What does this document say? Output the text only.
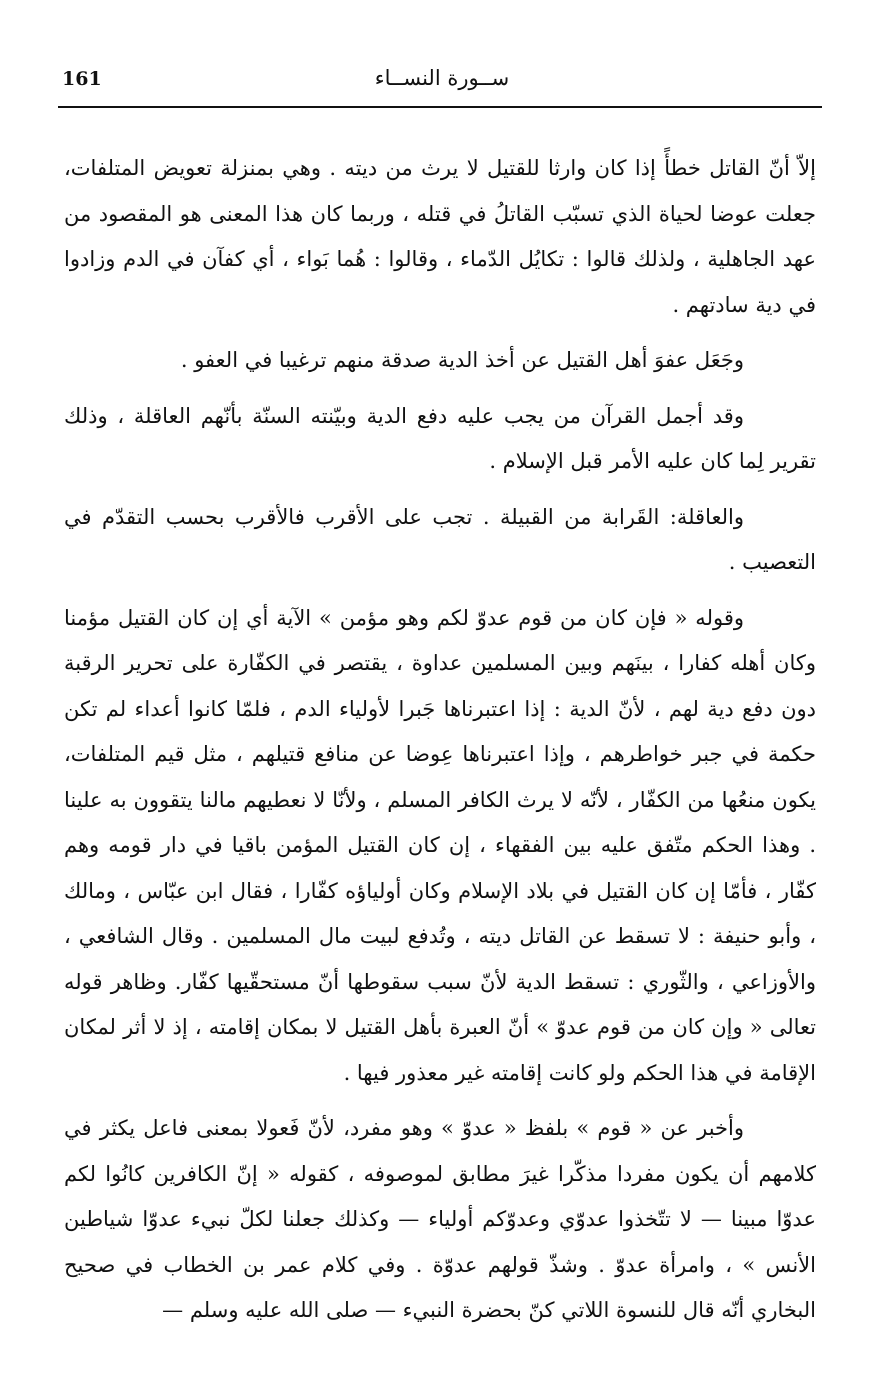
161	ســورة النســاء

إلاّ أنّ القاتل خطأً إذا كان وارثا للقتيل لا يرث من ديته . وهي بمنزلة تعويض المتلفات، جعلت عوضا لحياة الذي تسبّب القاتلُ في قتله ، وربما كان هذا المعنى هو المقصود من عهد الجاهلية ، ولذلك قالوا : تكايُل الدّماء ، وقالوا : هُما بَواء ، أي كفآن في الدم وزادوا في دية سادتهم .

وجَعَل عفوَ أهل القتيل عن أخذ الدية صدقة منهم ترغيبا في العفو .

وقد أجمل القرآن من يجب عليه دفع الدية وبيّنته السنّة بأنّهم العاقلة ، وذلك تقرير لِما كان عليه الأمر قبل الإسلام .

والعاقلة: القَرابة من القبيلة . تجب على الأقرب فالأقرب بحسب التقدّم في التعصيب .

وقوله « فإن كان من قوم عدوّ لكم وهو مؤمن » الآية أي إن كان القتيل مؤمنا وكان أهله كفارا ، بينَهم وبين المسلمين عداوة ، يقتصر في الكفّارة على تحرير الرقبة دون دفع دية لهم ، لأنّ الدية : إذا اعتبرناها جَبرا لأولياء الدم ، فلمّا كانوا أعداء لم تكن حكمة في جبر خواطرهم ، وإذا اعتبرناها عِوضا عن منافع قتيلهم ، مثل قيم المتلفات، يكون منعُها من الكفّار ، لأنّه لا يرث الكافر المسلم ، ولأنّا لا نعطيهم مالنا يتقوون به علينا . وهذا الحكم متّفق عليه بين الفقهاء ، إن كان القتيل المؤمن باقيا في دار قومه وهم كفّار ، فأمّا إن كان القتيل في بلاد الإسلام وكان أولياؤه كفّارا ، فقال ابن عبّاس ، ومالك ، وأبو حنيفة : لا تسقط عن القاتل ديته ، وتُدفع لبيت مال المسلمين . وقال الشافعي ، والأوزاعي ، والثّوري : تسقط الدية لأنّ سبب سقوطها أنّ مستحقّيها كفّار. وظاهر قوله تعالى « وإن كان من قوم عدوّ » أنّ العبرة بأهل القتيل لا بمكان إقامته ، إذ لا أثر لمكان الإقامة في هذا الحكم ولو كانت إقامته غير معذور فيها .

وأخبر عن « قوم » بلفظ « عدوّ » وهو مفرد، لأنّ فَعولا بمعنى فاعل يكثر في كلامهم أن يكون مفردا مذكّرا غيرَ مطابق لموصوفه ، كقوله « إنّ الكافرين كانُوا لكم عدوّا مبينا — لا تتّخذوا عدوّي وعدوّكم أولياء — وكذلك جعلنا لكلّ نبيء عدوّا شياطين الأنس » ، وامرأة عدوّ . وشذّ قولهم عدوّة . وفي كلام عمر بن الخطاب في صحيح البخاري أنّه قال للنسوة اللاتي كنّ بحضرة النبيء — صلى الله عليه وسلم —
